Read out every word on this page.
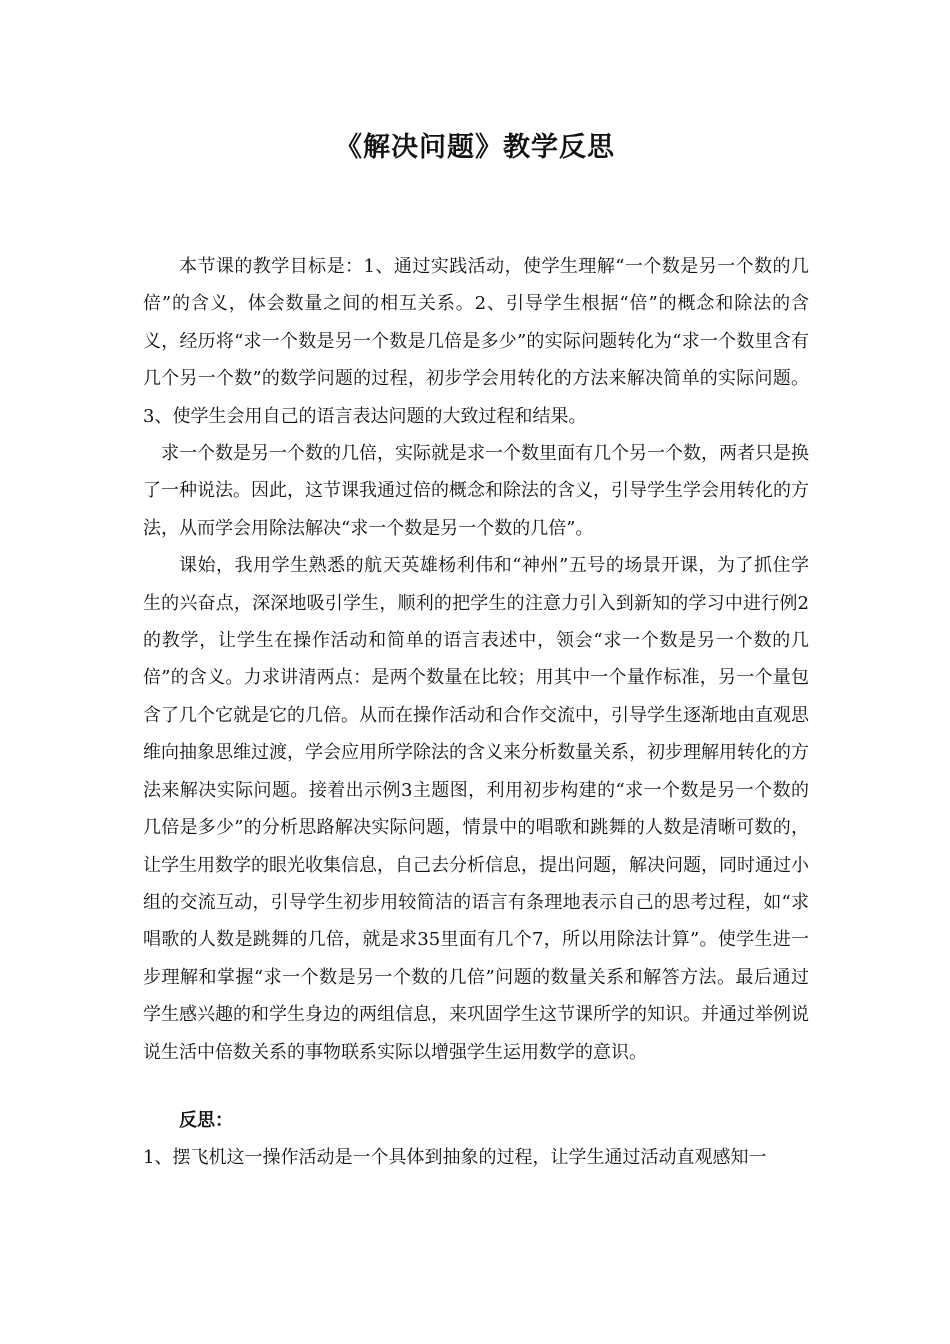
《解决问题》教学反思

本节课的教学目标是：1、通过实践活动，使学生理解“一个数是另一个数的几倍”的含义，体会数量之间的相互关系。2、引导学生根据“倍”的概念和除法的含义，经历将“求一个数是另一个数是几倍是多少”的实际问题转化为“求一个数里含有几个另一个数”的数学问题的过程，初步学会用转化的方法来解决简单的实际问题。3、使学生会用自己的语言表达问题的大致过程和结果。

求一个数是另一个数的几倍，实际就是求一个数里面有几个另一个数，两者只是换了一种说法。因此，这节课我通过倍的概念和除法的含义，引导学生学会用转化的方法，从而学会用除法解决“求一个数是另一个数的几倍”。

课始，我用学生熟悉的航天英雄杨利伟和“神州”五号的场景开课，为了抓住学生的兴奋点，深深地吸引学生，顺利的把学生的注意力引入到新知的学习中进行例2的教学，让学生在操作活动和简单的语言表述中，领会“求一个数是另一个数的几倍”的含义。力求讲清两点：是两个数量在比较；用其中一个量作标准，另一个量包含了几个它就是它的几倍。从而在操作活动和合作交流中，引导学生逐渐地由直观思维向抽象思维过渡，学会应用所学除法的含义来分析数量关系，初步理解用转化的方法来解决实际问题。接着出示例3主题图，利用初步构建的“求一个数是另一个数的几倍是多少”的分析思路解决实际问题，情景中的唱歌和跳舞的人数是清晰可数的，让学生用数学的眼光收集信息，自己去分析信息，提出问题，解决问题，同时通过小组的交流互动，引导学生初步用较简洁的语言有条理地表示自己的思考过程，如“求唱歌的人数是跳舞的几倍，就是求35里面有几个7，所以用除法计算”。使学生进一步理解和掌握“求一个数是另一个数的几倍”问题的数量关系和解答方法。最后通过学生感兴趣的和学生身边的两组信息，来巩固学生这节课所学的知识。并通过举例说说生活中倍数关系的事物联系实际以增强学生运用数学的意识。

反思：

1、摆飞机这一操作活动是一个具体到抽象的过程，让学生通过活动直观感知一
